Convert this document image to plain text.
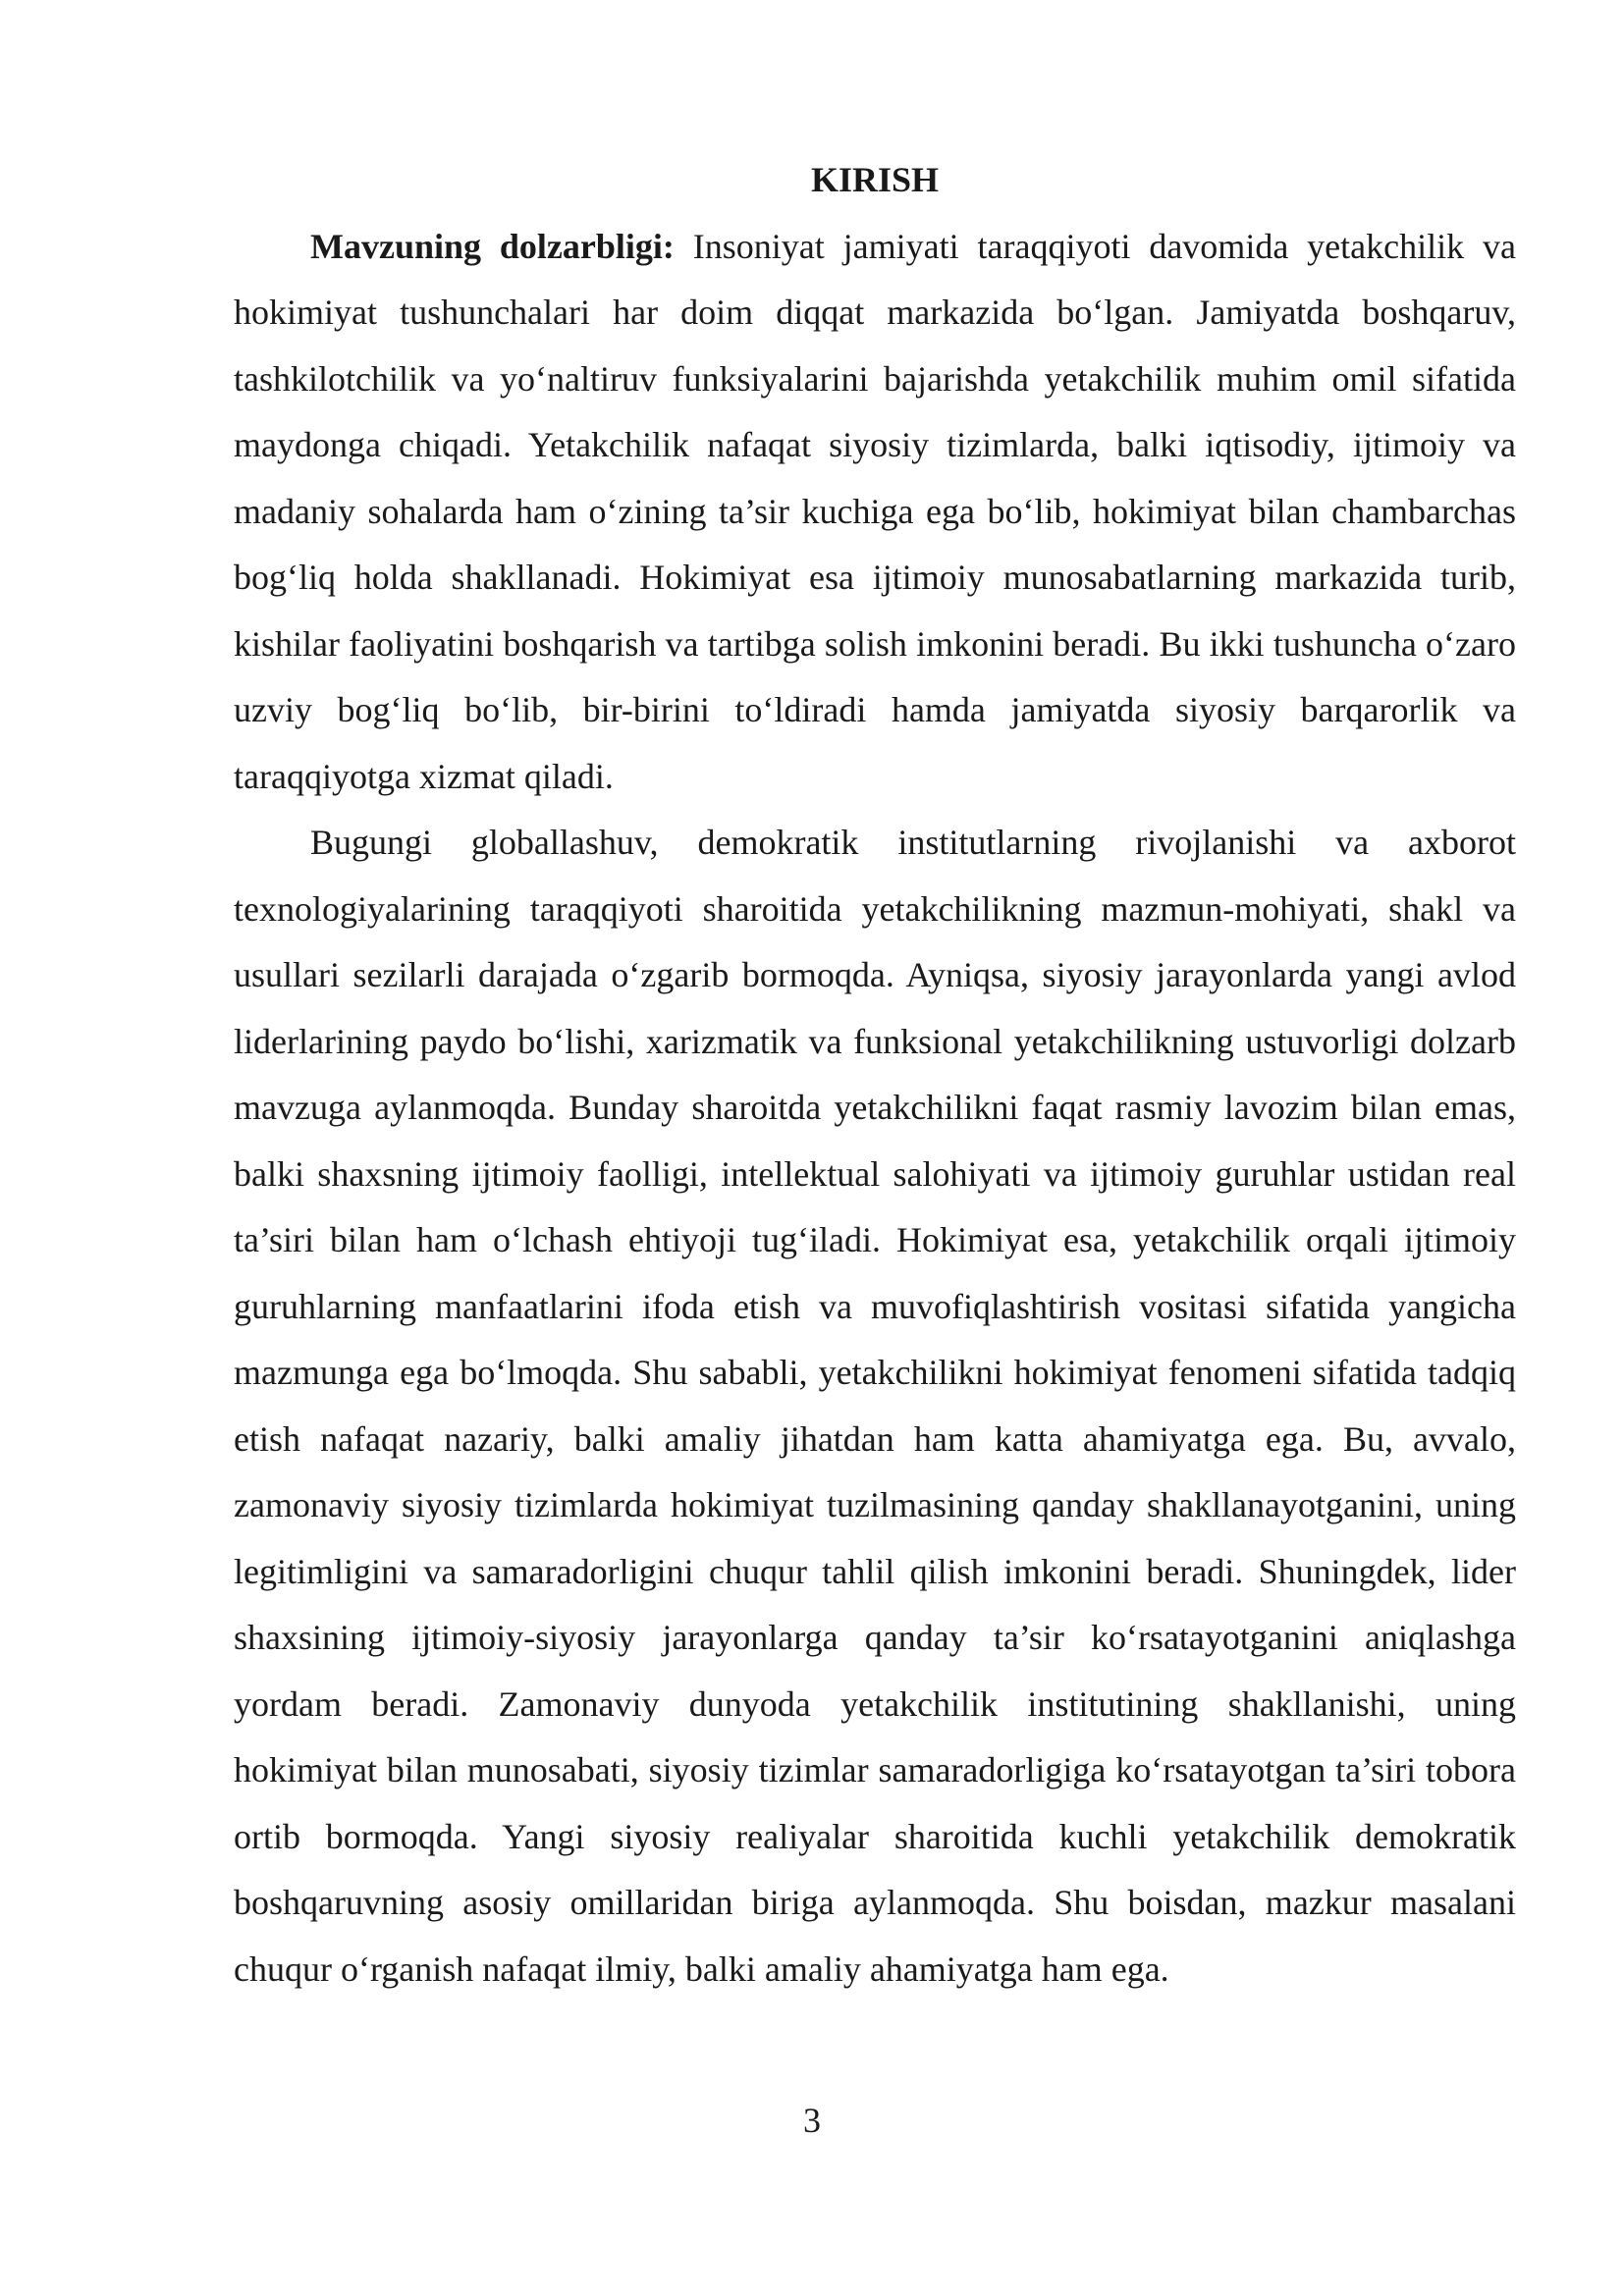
KIRISH

Mavzuning dolzarbligi: Insoniyat jamiyati taraqqiyoti davomida yetakchilik va hokimiyat tushunchalari har doim diqqat markazida bo‘lgan. Jamiyatda boshqaruv, tashkilotchilik va yo‘naltiruv funksiyalarini bajarishda yetakchilik muhim omil sifatida maydonga chiqadi. Yetakchilik nafaqat siyosiy tizimlarda, balki iqtisodiy, ijtimoiy va madaniy sohalarda ham o‘zining ta’sir kuchiga ega bo‘lib, hokimiyat bilan chambarchas bog‘liq holda shakllanadi. Hokimiyat esa ijtimoiy munosabatlarning markazida turib, kishilar faoliyatini boshqarish va tartibga solish imkonini beradi. Bu ikki tushuncha o‘zaro uzviy bog‘liq bo‘lib, bir-birini to‘ldiradi hamda jamiyatda siyosiy barqarorlik va taraqqiyotga xizmat qiladi.

Bugungi globallashuv, demokratik institutlarning rivojlanishi va axborot texnologiyalarining taraqqiyoti sharoitida yetakchilikning mazmun-mohiyati, shakl va usullari sezilarli darajada o‘zgarib bormoqda. Ayniqsa, siyosiy jarayonlarda yangi avlod liderlarining paydo bo‘lishi, xarizmatik va funksional yetakchilikning ustuvorligi dolzarb mavzuga aylanmoqda. Bunday sharoitda yetakchilikni faqat rasmiy lavozim bilan emas, balki shaxsning ijtimoiy faolligi, intellektual salohiyati va ijtimoiy guruhlar ustidan real ta’siri bilan ham o‘lchash ehtiyoji tug‘iladi. Hokimiyat esa, yetakchilik orqali ijtimoiy guruhlarning manfaatlarini ifoda etish va muvofiqlashtirish vositasi sifatida yangicha mazmunga ega bo‘lmoqda. Shu sababli, yetakchilikni hokimiyat fenomeni sifatida tadqiq etish nafaqat nazariy, balki amaliy jihatdan ham katta ahamiyatga ega. Bu, avvalo, zamonaviy siyosiy tizimlarda hokimiyat tuzilmasining qanday shakllanayotganini, uning legitimligini va samaradorligini chuqur tahlil qilish imkonini beradi. Shuningdek, lider shaxsining ijtimoiy-siyosiy jarayonlarga qanday ta’sir ko‘rsatayotganini aniqlashga yordam beradi. Zamonaviy dunyoda yetakchilik institutining shakllanishi, uning hokimiyat bilan munosabati, siyosiy tizimlar samaradorligiga ko‘rsatayotgan ta’siri tobora ortib bormoqda. Yangi siyosiy realiyalar sharoitida kuchli yetakchilik demokratik boshqaruvning asosiy omillaridan biriga aylanmoqda. Shu boisdan, mazkur masalani chuqur o‘rganish nafaqat ilmiy, balki amaliy ahamiyatga ham ega.

3
